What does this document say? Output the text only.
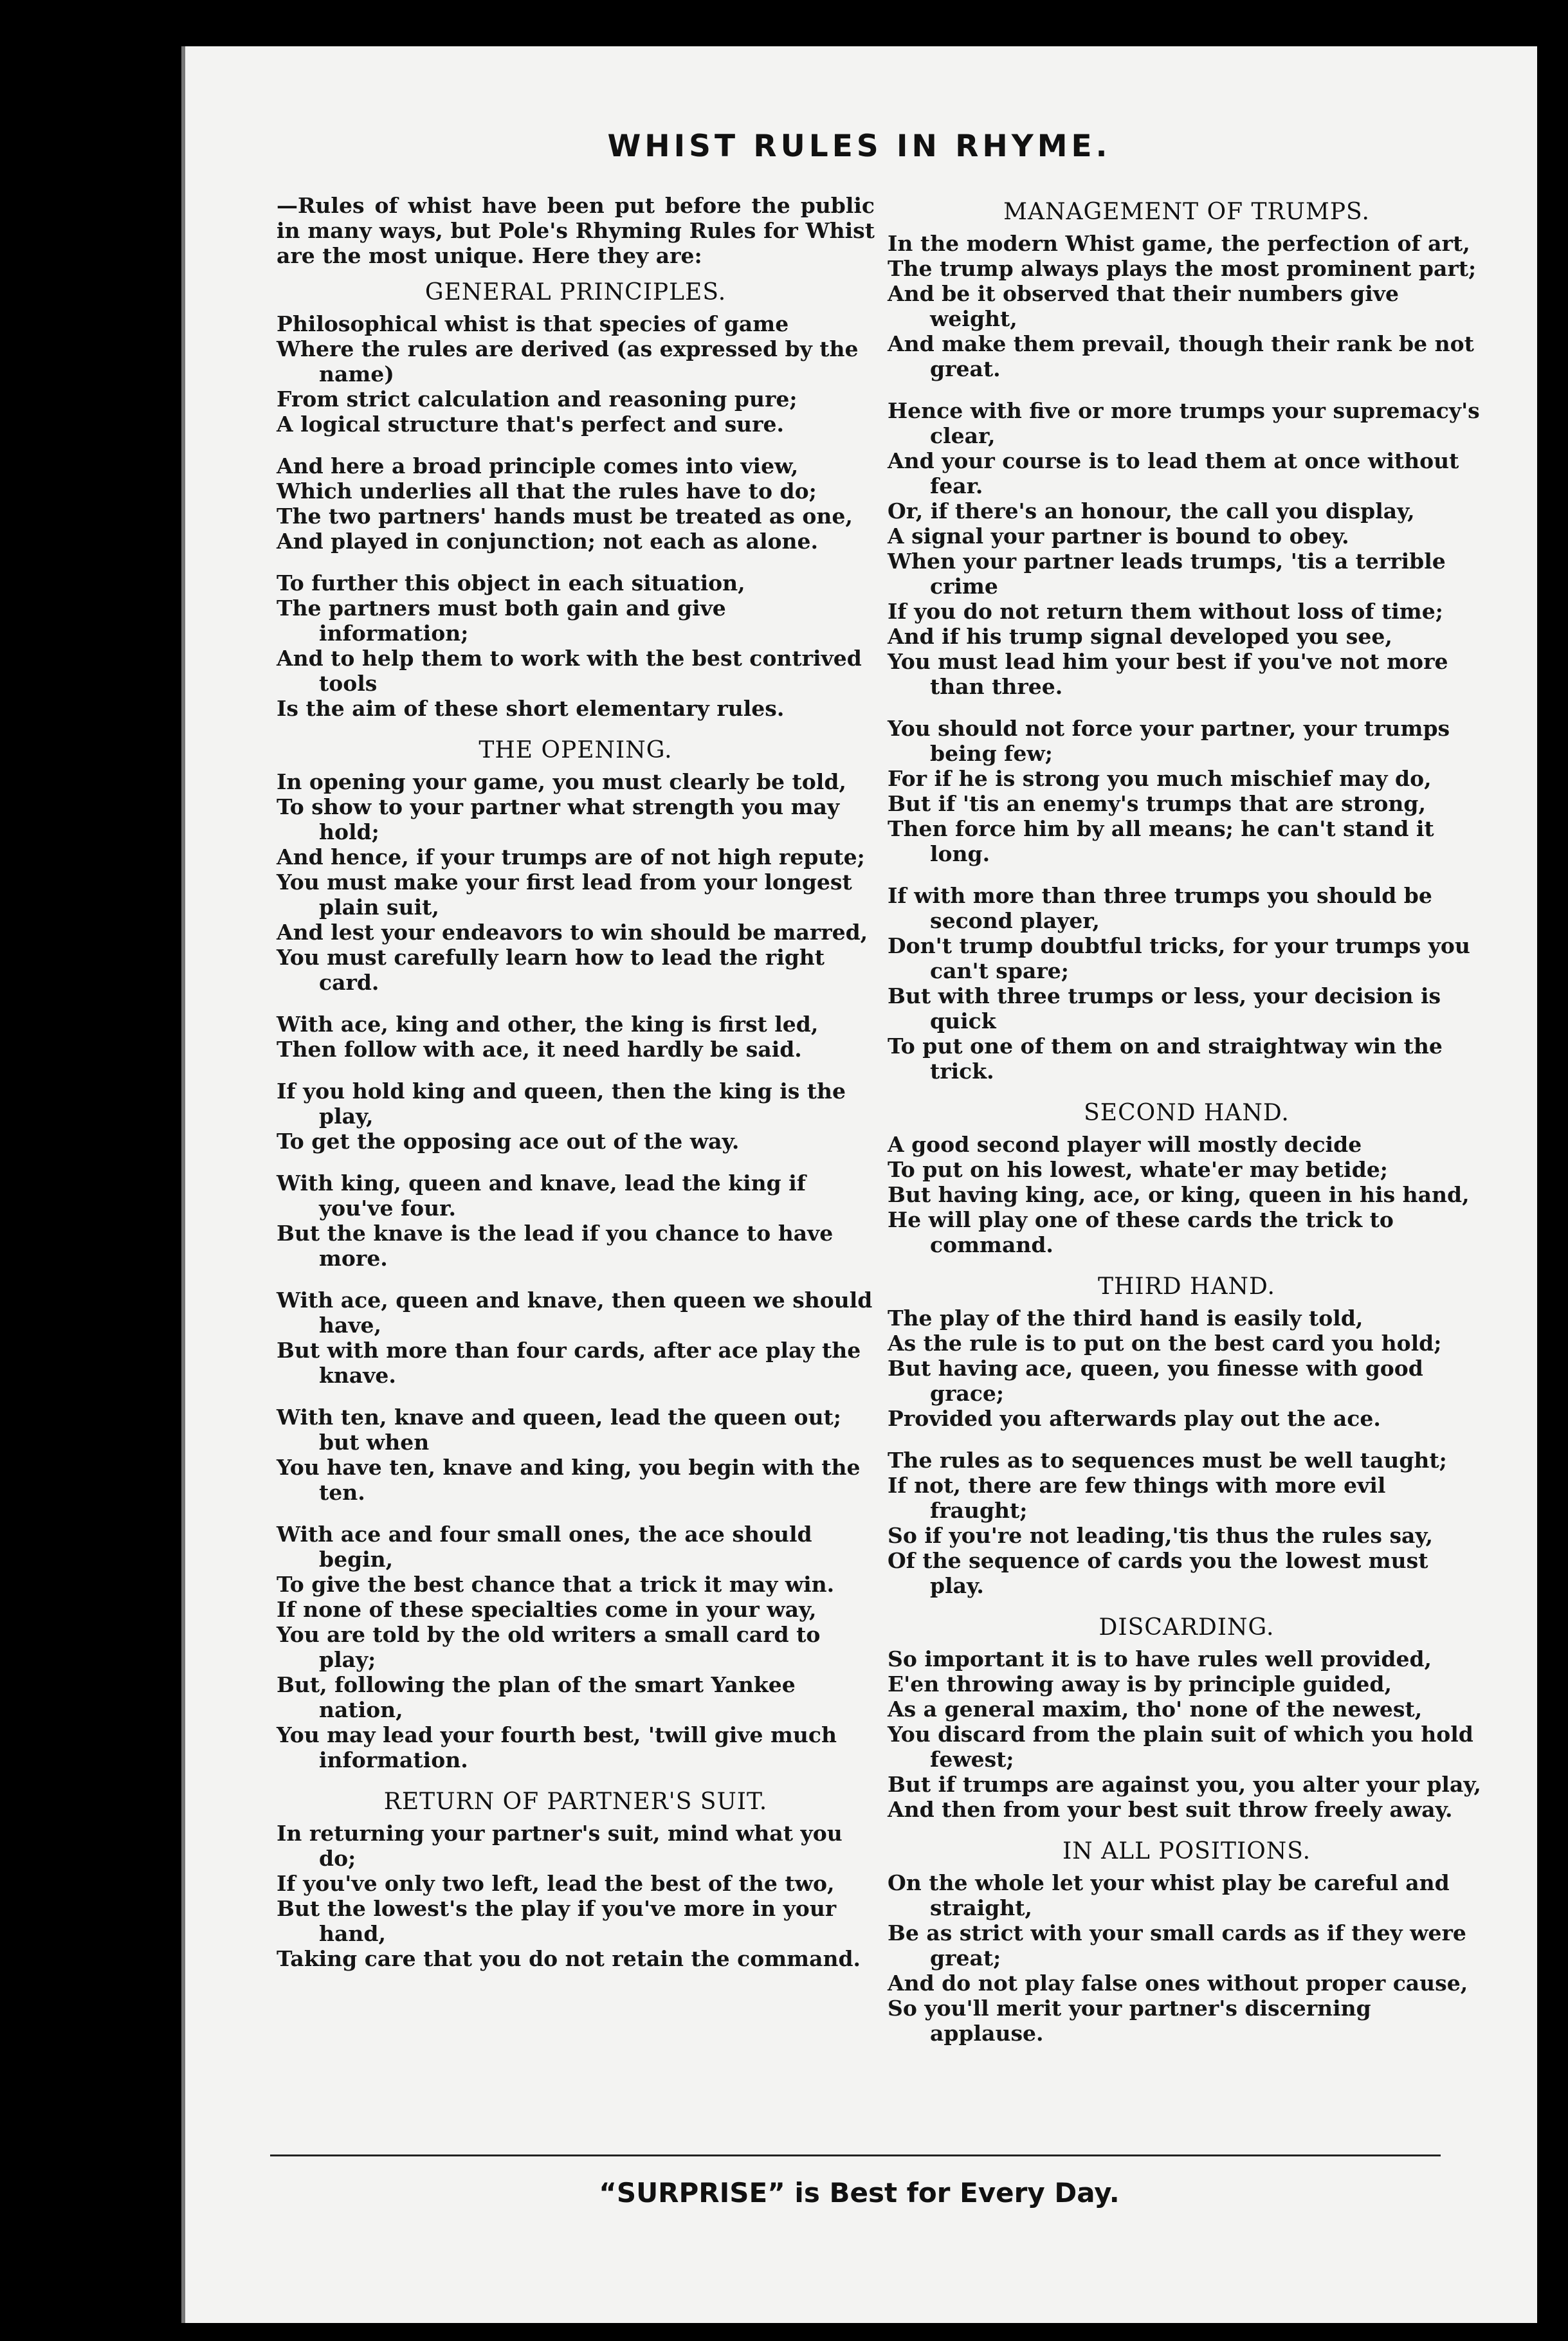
WHIST RULES IN RHYME.

—Rules of whist have been put before the public in many ways, but Pole's Rhyming Rules for Whist are the most unique. Here they are:

GENERAL PRINCIPLES.
Philosophical whist is that species of game
Where the rules are derived (as expressed by the name)
From strict calculation and reasoning pure;
A logical structure that's perfect and sure.
And here a broad principle comes into view,
Which underlies all that the rules have to do;
The two partners' hands must be treated as one,
And played in conjunction; not each as alone.
To further this object in each situation,
The partners must both gain and give information;
And to help them to work with the best contrived tools
Is the aim of these short elementary rules.
THE OPENING.
In opening your game, you must clearly be told,
To show to your partner what strength you may hold;
And hence, if your trumps are of not high repute;
You must make your first lead from your longest plain suit,
And lest your endeavors to win should be marred,
You must carefully learn how to lead the right card.
With ace, king and other, the king is first led,
Then follow with ace, it need hardly be said.
If you hold king and queen, then the king is the play,
To get the opposing ace out of the way.
With king, queen and knave, lead the king if you've four.
But the knave is the lead if you chance to have more.
With ace, queen and knave, then queen we should have,
But with more than four cards, after ace play the knave.
With ten, knave and queen, lead the queen out; but when
You have ten, knave and king, you begin with the ten.
With ace and four small ones, the ace should begin,
To give the best chance that a trick it may win.
If none of these specialties come in your way,
You are told by the old writers a small card to play;
But, following the plan of the smart Yankee nation,
You may lead your fourth best, 'twill give much information.
RETURN OF PARTNER'S SUIT.
In returning your partner's suit, mind what you do;
If you've only two left, lead the best of the two,
But the lowest's the play if you've more in your hand,
Taking care that you do not retain the command.
MANAGEMENT OF TRUMPS.
In the modern Whist game, the perfection of art,
The trump always plays the most prominent part;
And be it observed that their numbers give weight,
And make them prevail, though their rank be not great.
Hence with five or more trumps your supremacy's clear,
And your course is to lead them at once without fear.
Or, if there's an honour, the call you display,
A signal your partner is bound to obey.
When your partner leads trumps, 'tis a terrible crime
If you do not return them without loss of time;
And if his trump signal developed you see,
You must lead him your best if you've not more than three.
You should not force your partner, your trumps being few;
For if he is strong you much mischief may do,
But if 'tis an enemy's trumps that are strong,
Then force him by all means; he can't stand it long.
If with more than three trumps you should be second player,
Don't trump doubtful tricks, for your trumps you can't spare;
But with three trumps or less, your decision is quick
To put one of them on and straightway win the trick.
SECOND HAND.
A good second player will mostly decide
To put on his lowest, whate'er may betide;
But having king, ace, or king, queen in his hand,
He will play one of these cards the trick to command.
THIRD HAND.
The play of the third hand is easily told,
As the rule is to put on the best card you hold;
But having ace, queen, you finesse with good grace;
Provided you afterwards play out the ace.
The rules as to sequences must be well taught;
If not, there are few things with more evil fraught;
So if you're not leading,'tis thus the rules say,
Of the sequence of cards you the lowest must play.
DISCARDING.
So important it is to have rules well provided,
E'en throwing away is by principle guided,
As a general maxim, tho' none of the newest,
You discard from the plain suit of which you hold fewest;
But if trumps are against you, you alter your play,
And then from your best suit throw freely away.
IN ALL POSITIONS.
On the whole let your whist play be careful and straight,
Be as strict with your small cards as if they were great;
And do not play false ones without proper cause,
So you'll merit your partner's discerning applause.

“SURPRISE” is Best for Every Day.
